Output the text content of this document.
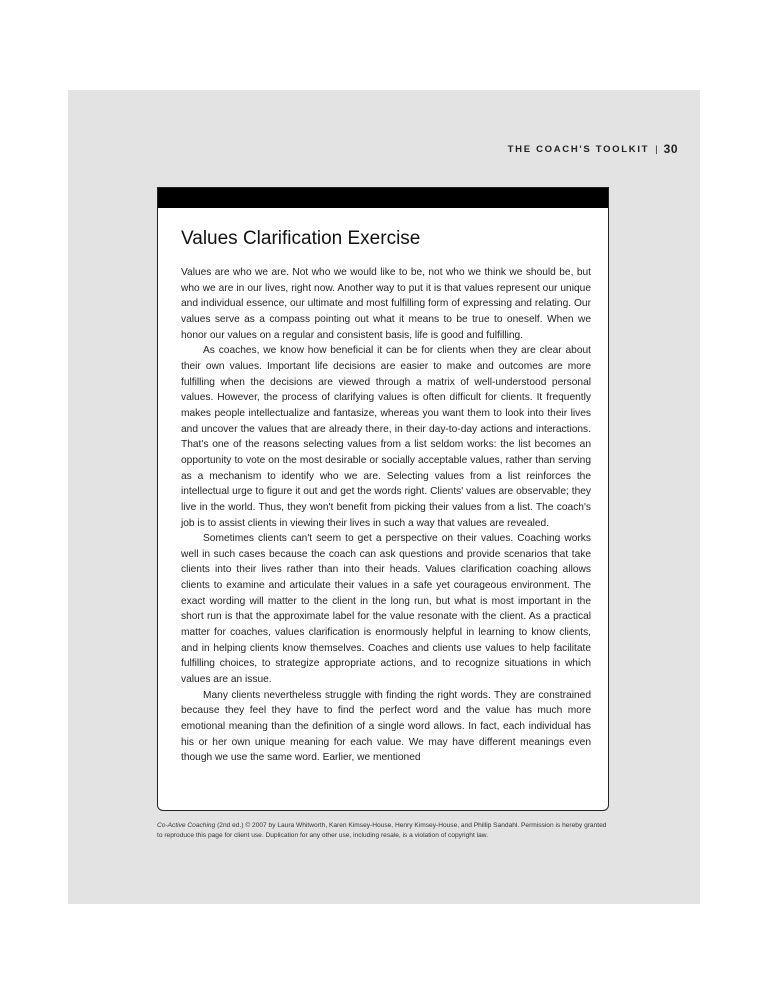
THE COACH'S TOOLKIT | 30
Values Clarification Exercise

Values are who we are. Not who we would like to be, not who we think we should be, but who we are in our lives, right now. Another way to put it is that values represent our unique and individual essence, our ultimate and most fulfilling form of expressing and relating. Our values serve as a compass pointing out what it means to be true to oneself. When we honor our values on a regular and consistent basis, life is good and fulfilling.

As coaches, we know how beneficial it can be for clients when they are clear about their own values. Important life decisions are easier to make and outcomes are more fulfilling when the decisions are viewed through a matrix of well-understood personal values. However, the process of clarifying values is often difficult for clients. It frequently makes people intellectualize and fantasize, whereas you want them to look into their lives and uncover the values that are already there, in their day-to-day actions and interactions. That's one of the reasons selecting values from a list seldom works: the list becomes an opportunity to vote on the most desirable or socially acceptable values, rather than serving as a mechanism to identify who we are. Selecting values from a list reinforces the intellectual urge to figure it out and get the words right. Clients' values are observable; they live in the world. Thus, they won't benefit from picking their values from a list. The coach's job is to assist clients in viewing their lives in such a way that values are revealed.

Sometimes clients can't seem to get a perspective on their values. Coaching works well in such cases because the coach can ask questions and provide scenarios that take clients into their lives rather than into their heads. Values clarification coaching allows clients to examine and articulate their values in a safe yet courageous environment. The exact wording will matter to the client in the long run, but what is most important in the short run is that the approximate label for the value resonate with the client. As a practical matter for coaches, values clarification is enormously helpful in learning to know clients, and in helping clients know themselves. Coaches and clients use values to help facilitate fulfilling choices, to strategize appropriate actions, and to recognize situations in which values are an issue.

Many clients nevertheless struggle with finding the right words. They are constrained because they feel they have to find the perfect word and the value has much more emotional meaning than the definition of a single word allows. In fact, each individual has his or her own unique meaning for each value. We may have different meanings even though we use the same word. Earlier, we mentioned

Co-Active Coaching (2nd ed.) © 2007 by Laura Whitworth, Karen Kimsey-House, Henry Kimsey-House, and Phillip Sandahl. Permission is hereby granted to reproduce this page for client use. Duplication for any other use, including resale, is a violation of copyright law.
